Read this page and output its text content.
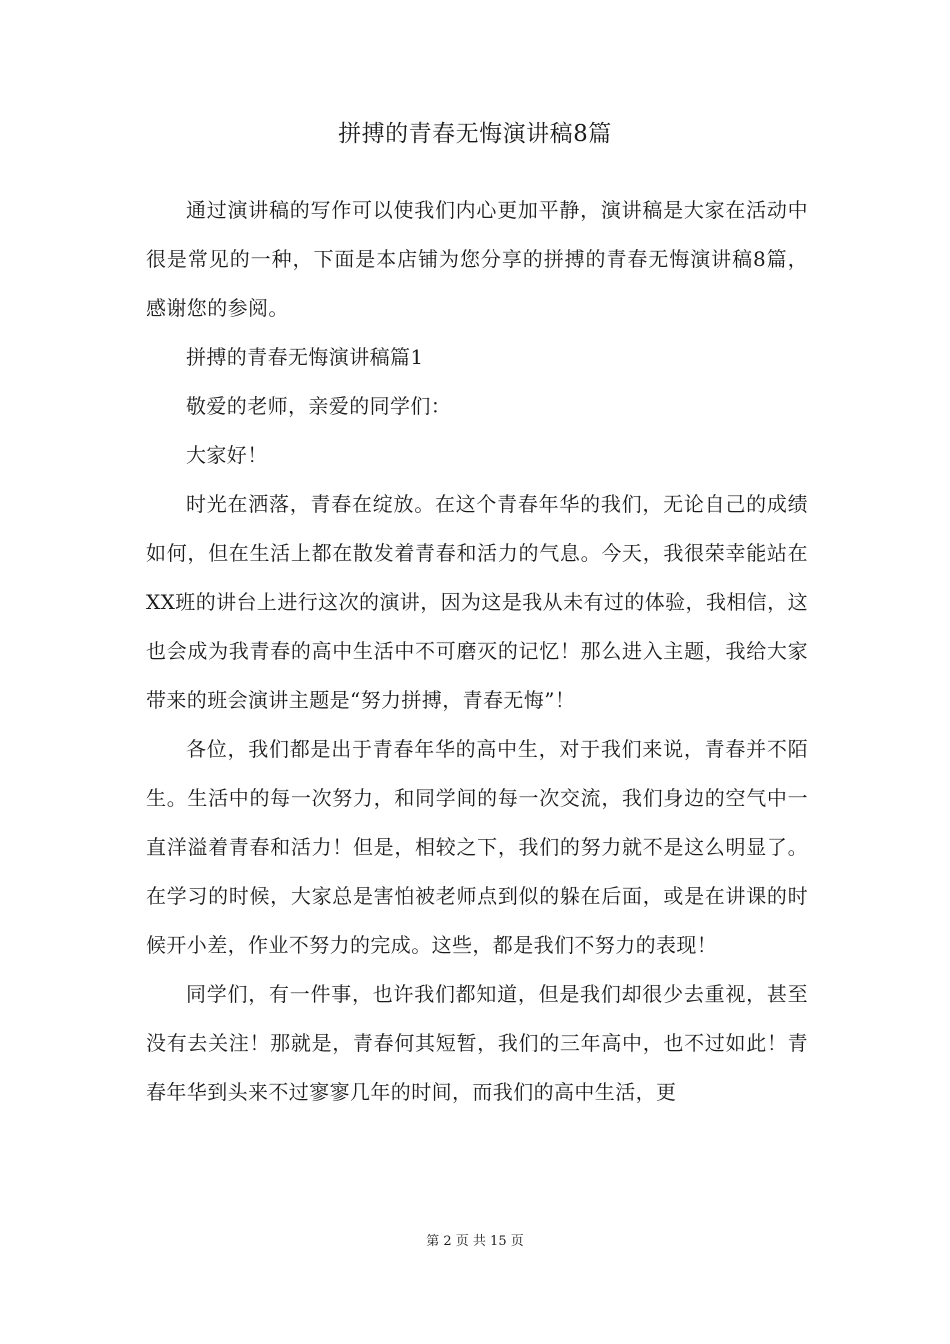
拼搏的青春无悔演讲稿8篇

通过演讲稿的写作可以使我们内心更加平静，演讲稿是大家在活动中很是常见的一种，下面是本店铺为您分享的拼搏的青春无悔演讲稿8篇，感谢您的参阅。

拼搏的青春无悔演讲稿篇1

敬爱的老师，亲爱的同学们：

大家好！

时光在洒落，青春在绽放。在这个青春年华的我们，无论自己的成绩如何，但在生活上都在散发着青春和活力的气息。今天，我很荣幸能站在XX班的讲台上进行这次的演讲，因为这是我从未有过的体验，我相信，这也会成为我青春的高中生活中不可磨灭的记忆！那么进入主题，我给大家带来的班会演讲主题是“努力拼搏，青春无悔”！

各位，我们都是出于青春年华的高中生，对于我们来说，青春并不陌生。生活中的每一次努力，和同学间的每一次交流，我们身边的空气中一直洋溢着青春和活力！但是，相较之下，我们的努力就不是这么明显了。在学习的时候，大家总是害怕被老师点到似的躲在后面，或是在讲课的时候开小差，作业不努力的完成。这些，都是我们不努力的表现！

同学们，有一件事，也许我们都知道，但是我们却很少去重视，甚至没有去关注！那就是，青春何其短暂，我们的三年高中，也不过如此！青春年华到头来不过寥寥几年的时间，而我们的高中生活，更

第 2 页 共 15 页
